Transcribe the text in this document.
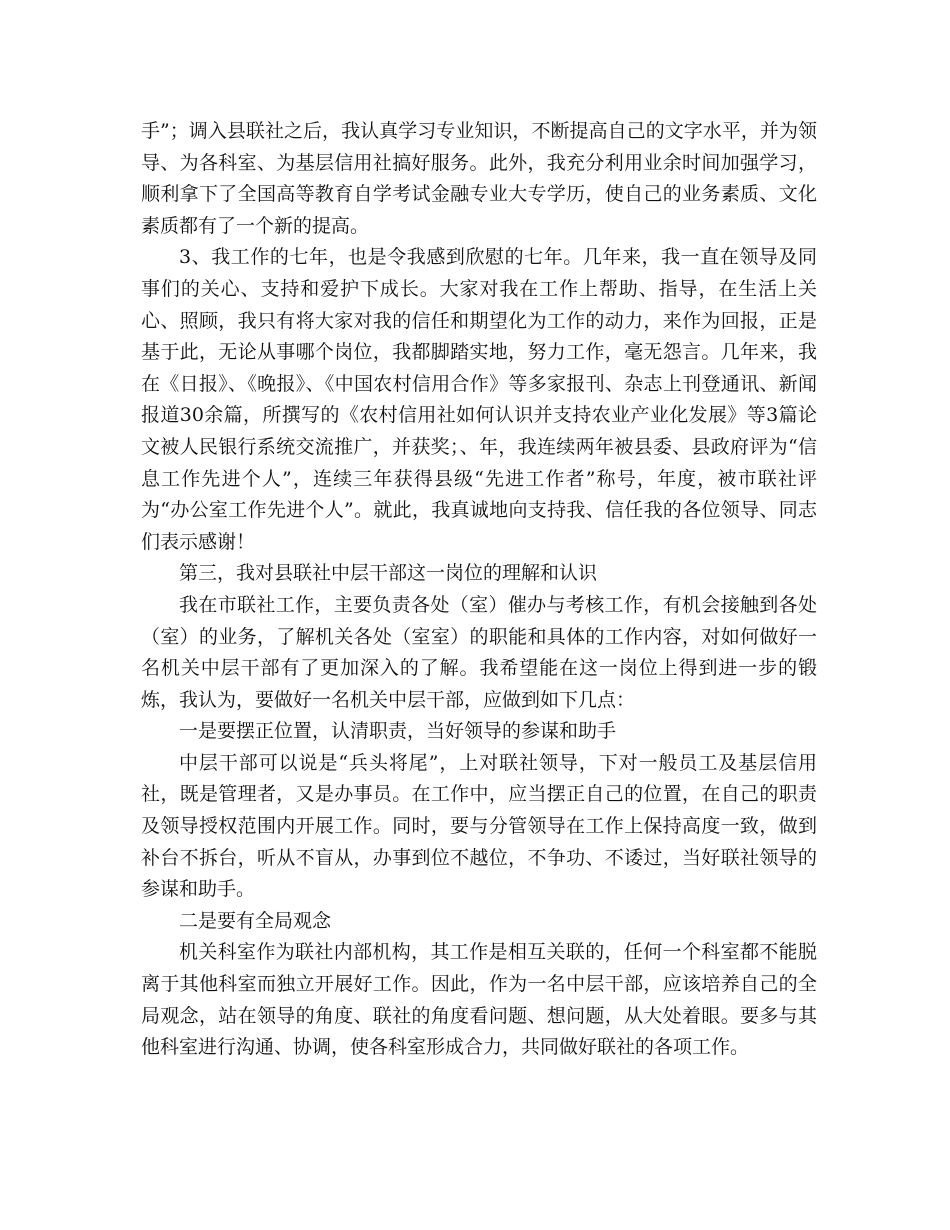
手”；调入县联社之后，我认真学习专业知识，不断提高自己的文字水平，并为领导、为各科室、为基层信用社搞好服务。此外，我充分利用业余时间加强学习，顺利拿下了全国高等教育自学考试金融专业大专学历，使自己的业务素质、文化素质都有了一个新的提高。

3、我工作的七年，也是令我感到欣慰的七年。几年来，我一直在领导及同事们的关心、支持和爱护下成长。大家对我在工作上帮助、指导，在生活上关心、照顾，我只有将大家对我的信任和期望化为工作的动力，来作为回报，正是基于此，无论从事哪个岗位，我都脚踏实地，努力工作，毫无怨言。几年来，我在《日报》、《晚报》、《中国农村信用合作》等多家报刊、杂志上刊登通讯、新闻报道30余篇，所撰写的《农村信用社如何认识并支持农业产业化发展》等3篇论文被人民银行系统交流推广，并获奖；、年，我连续两年被县委、县政府评为“信息工作先进个人”，连续三年获得县级“先进工作者”称号，年度，被市联社评为“办公室工作先进个人”。就此，我真诚地向支持我、信任我的各位领导、同志们表示感谢！

第三，我对县联社中层干部这一岗位的理解和认识

我在市联社工作，主要负责各处（室）催办与考核工作，有机会接触到各处（室）的业务，了解机关各处（室室）的职能和具体的工作内容，对如何做好一名机关中层干部有了更加深入的了解。我希望能在这一岗位上得到进一步的锻炼，我认为，要做好一名机关中层干部，应做到如下几点：

一是要摆正位置，认清职责，当好领导的参谋和助手

中层干部可以说是“兵头将尾”，上对联社领导，下对一般员工及基层信用社，既是管理者，又是办事员。在工作中，应当摆正自己的位置，在自己的职责及领导授权范围内开展工作。同时，要与分管领导在工作上保持高度一致，做到补台不拆台，听从不盲从，办事到位不越位，不争功、不诿过，当好联社领导的参谋和助手。

二是要有全局观念

机关科室作为联社内部机构，其工作是相互关联的，任何一个科室都不能脱离于其他科室而独立开展好工作。因此，作为一名中层干部，应该培养自己的全局观念，站在领导的角度、联社的角度看问题、想问题，从大处着眼。要多与其他科室进行沟通、协调，使各科室形成合力，共同做好联社的各项工作。
